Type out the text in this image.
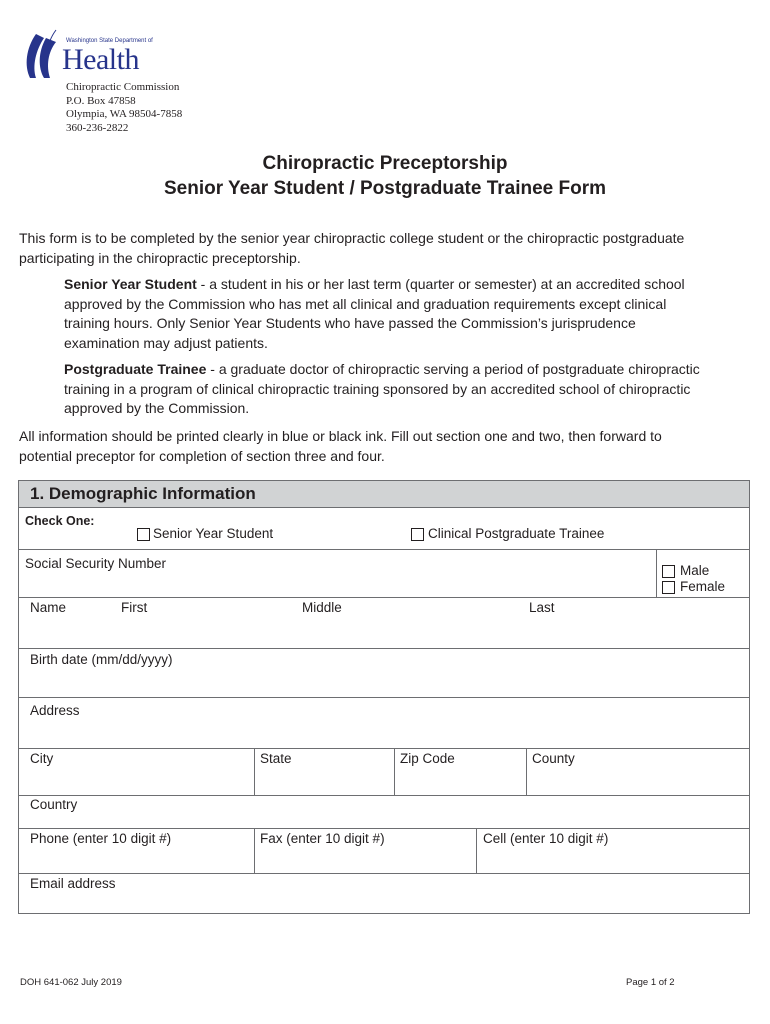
Washington State Department of
Health
Chiropractic Commission
P.O. Box 47858
Olympia, WA 98504-7858
360-236-2822
Chiropractic Preceptorship
Senior Year Student / Postgraduate Trainee Form
This form is to be completed by the senior year chiropractic college student or the chiropractic postgraduate
participating in the chiropractic preceptorship.
Senior Year Student - a student in his or her last term (quarter or semester) at an accredited school
approved by the Commission who has met all clinical and graduation requirements except clinical
training hours. Only Senior Year Students who have passed the Commission’s jurisprudence
examination may adjust patients.
Postgraduate Trainee - a graduate doctor of chiropractic serving a period of postgraduate chiropractic
training in a program of clinical chiropractic training sponsored by an accredited school of chiropractic
approved by the Commission.
All information should be printed clearly in blue or black ink. Fill out section one and two, then forward to
potential preceptor for completion of section three and four.
1. Demographic Information
Check One:
Senior Year Student	Clinical Postgraduate Trainee
Social Security Number	Male
Female
Name	First	Middle	Last
Birth date (mm/dd/yyyy)
Address
City	State	Zip Code	County
Country
Phone (enter 10 digit #)	Fax (enter 10 digit #)	Cell (enter 10 digit #)
Email address
DOH 641-062 July 2019	Page 1 of 2
